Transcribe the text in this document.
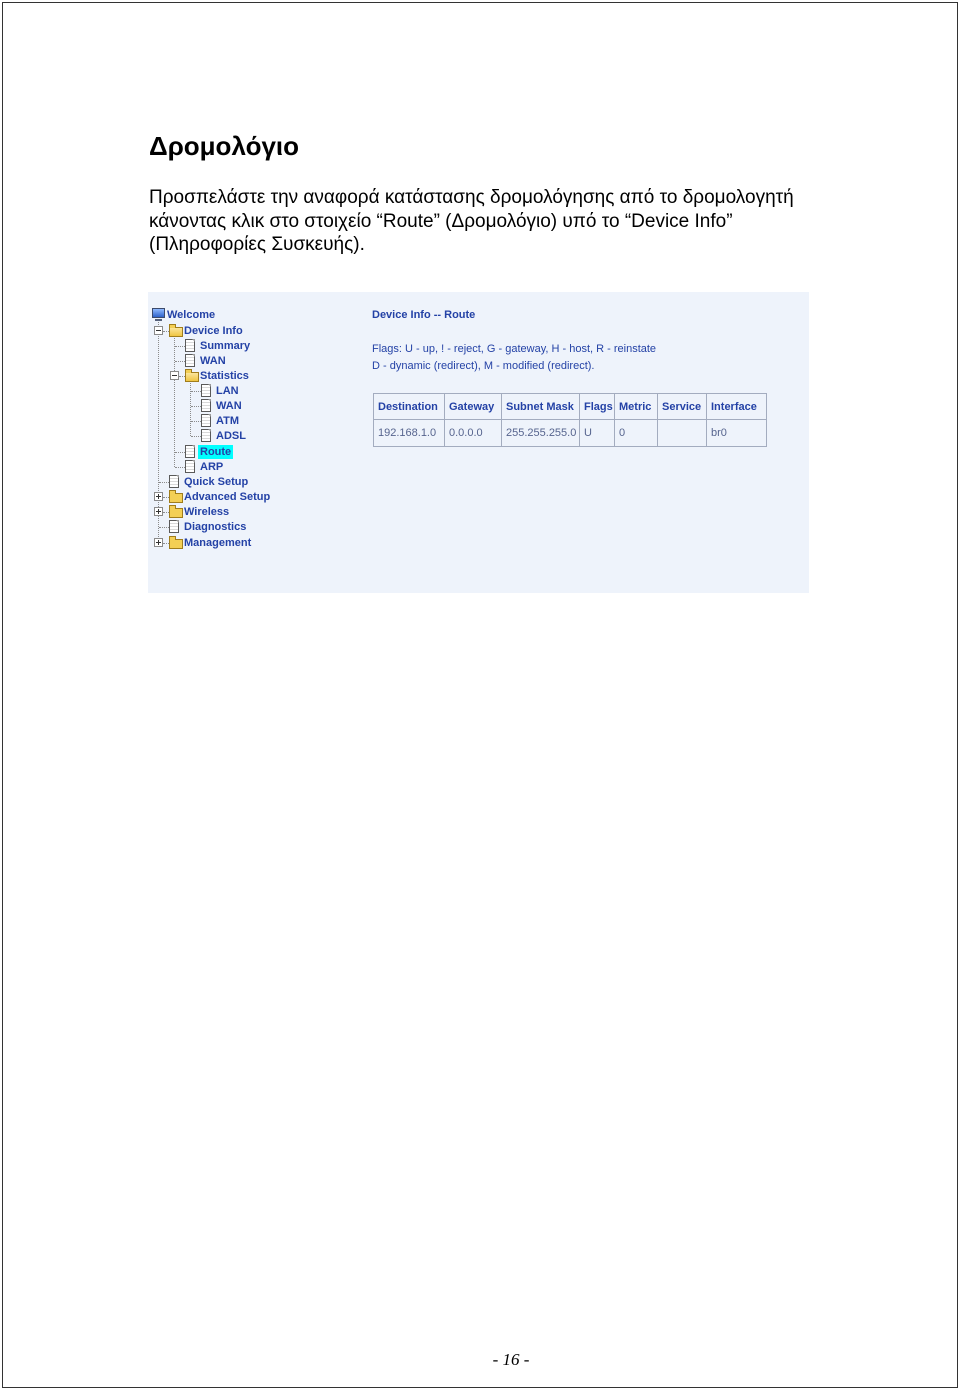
Δρομολόγιο
Προσπελάστε την αναφορά κατάστασης δρομολόγησης από το δρομολογητή
κάνοντας κλικ στο στοιχείο “Route” (Δρομολόγιο) υπό το “Device Info”
(Πληροφορίες Συσκευής).
Welcome
Device Info
Summary
WAN
Statistics
LAN
WAN
ATM
ADSL
Route
ARP
Quick Setup
Advanced Setup
Wireless
Diagnostics
Management
Device Info -- Route
Flags: U - up, ! - reject, G - gateway, H - host, R - reinstate
D - dynamic (redirect), M - modified (redirect).
Destination	Gateway	Subnet Mask	Flags	Metric	Service	Interface
192.168.1.0	0.0.0.0	255.255.255.0	U	0		br0
- 16 -
